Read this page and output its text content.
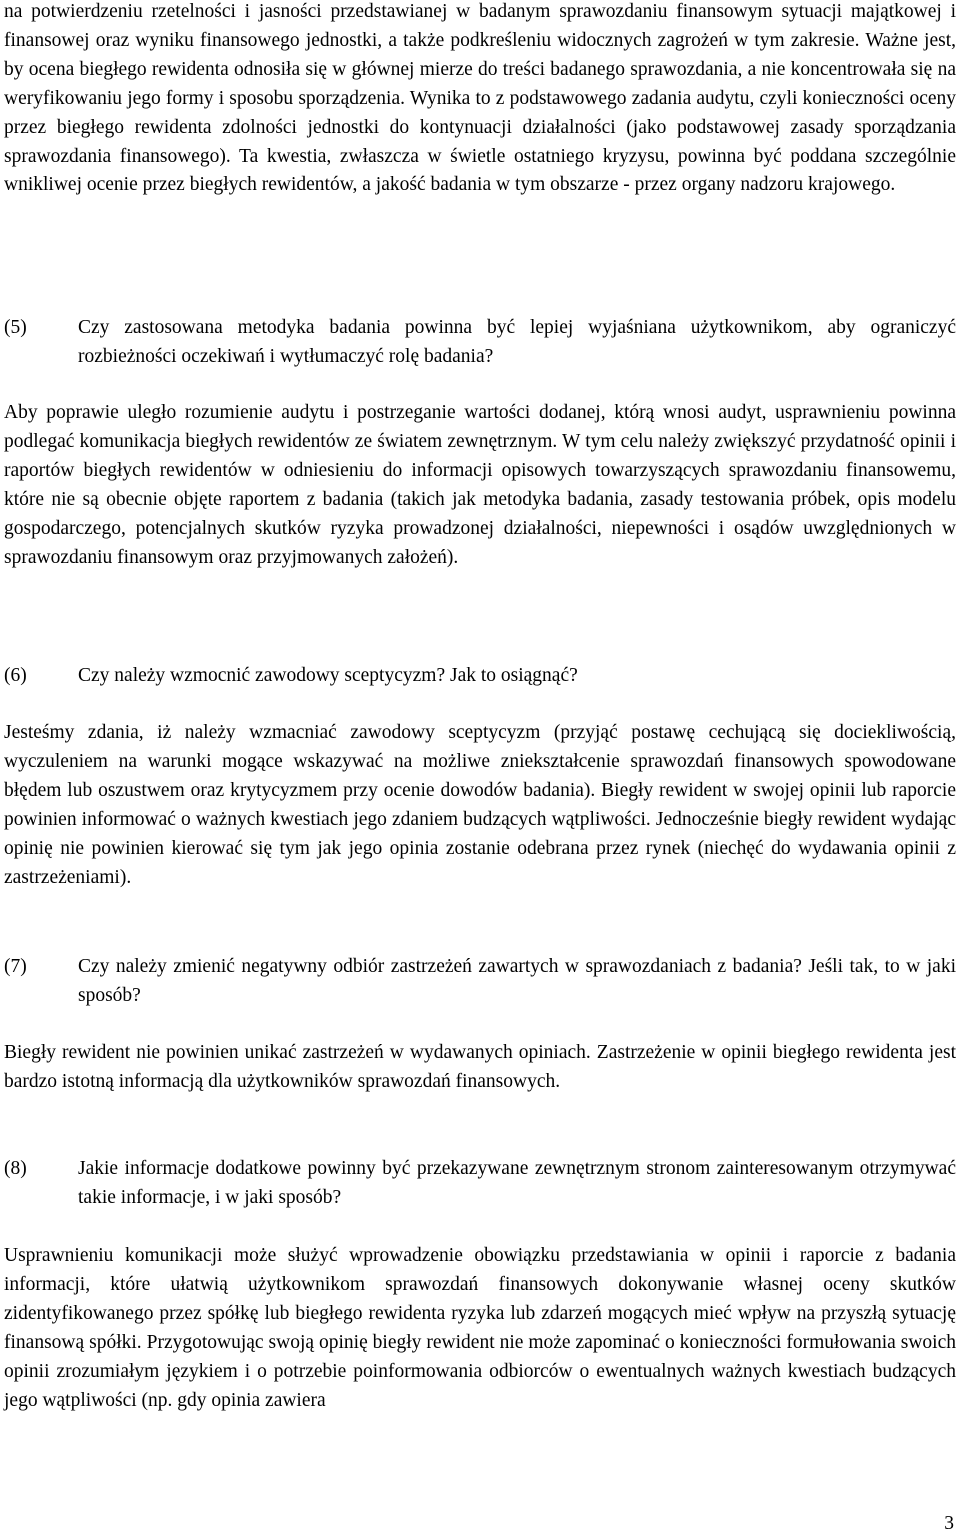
na potwierdzeniu rzetelności i jasności przedstawianej w badanym sprawozdaniu finansowym sytuacji majątkowej i finansowej oraz wyniku finansowego jednostki, a także podkreśleniu widocznych zagrożeń w tym zakresie. Ważne jest, by ocena biegłego rewidenta odnosiła się w głównej mierze do treści badanego sprawozdania, a nie koncentrowała się na weryfikowaniu jego formy i sposobu sporządzenia. Wynika to z podstawowego zadania audytu, czyli konieczności oceny przez biegłego rewidenta zdolności jednostki do kontynuacji działalności (jako podstawowej zasady sporządzania sprawozdania finansowego). Ta kwestia, zwłaszcza w świetle ostatniego kryzysu, powinna być poddana szczególnie wnikliwej ocenie przez biegłych rewidentów, a jakość badania w tym obszarze - przez organy nadzoru krajowego.

(5)	Czy zastosowana metodyka badania powinna być lepiej wyjaśniana użytkownikom, aby ograniczyć rozbieżności oczekiwań i wytłumaczyć rolę badania?

Aby poprawie uległo rozumienie audytu i postrzeganie wartości dodanej, którą wnosi audyt, usprawnieniu powinna podlegać komunikacja biegłych rewidentów ze światem zewnętrznym. W tym celu należy zwiększyć przydatność opinii i raportów biegłych rewidentów w odniesieniu do informacji opisowych towarzyszących sprawozdaniu finansowemu, które nie są obecnie objęte raportem z badania (takich jak metodyka badania, zasady testowania próbek, opis modelu gospodarczego, potencjalnych skutków ryzyka prowadzonej działalności, niepewności i osądów uwzględnionych w sprawozdaniu finansowym oraz przyjmowanych założeń).

(6)	Czy należy wzmocnić zawodowy sceptycyzm? Jak to osiągnąć?

Jesteśmy zdania, iż należy wzmacniać zawodowy sceptycyzm (przyjąć postawę cechującą się dociekliwością, wyczuleniem na warunki mogące wskazywać na możliwe zniekształcenie sprawozdań finansowych spowodowane błędem lub oszustwem oraz krytycyzmem przy ocenie dowodów badania). Biegły rewident w swojej opinii lub raporcie powinien informować o ważnych kwestiach jego zdaniem budzących wątpliwości. Jednocześnie biegły rewident wydając opinię nie powinien kierować się tym jak jego opinia zostanie odebrana przez rynek (niechęć do wydawania opinii z zastrzeżeniami).

(7)	Czy należy zmienić negatywny odbiór zastrzeżeń zawartych w sprawozdaniach z badania? Jeśli tak, to w jaki sposób?

Biegły rewident nie powinien unikać zastrzeżeń w wydawanych opiniach. Zastrzeżenie w opinii biegłego rewidenta jest bardzo istotną informacją dla użytkowników sprawozdań finansowych.

(8)	Jakie informacje dodatkowe powinny być przekazywane zewnętrznym stronom zainteresowanym otrzymywać takie informacje, i w jaki sposób?

Usprawnieniu komunikacji może służyć wprowadzenie obowiązku przedstawiania w opinii i raporcie z badania informacji, które ułatwią użytkownikom sprawozdań finansowych dokonywanie własnej oceny skutków zidentyfikowanego przez spółkę lub biegłego rewidenta ryzyka lub zdarzeń mogących mieć wpływ na przyszłą sytuację finansową spółki. Przygotowując swoją opinię biegły rewident nie może zapominać o konieczności formułowania swoich opinii zrozumiałym językiem i o potrzebie poinformowania odbiorców o ewentualnych ważnych kwestiach budzących jego wątpliwości (np. gdy opinia zawiera

3
